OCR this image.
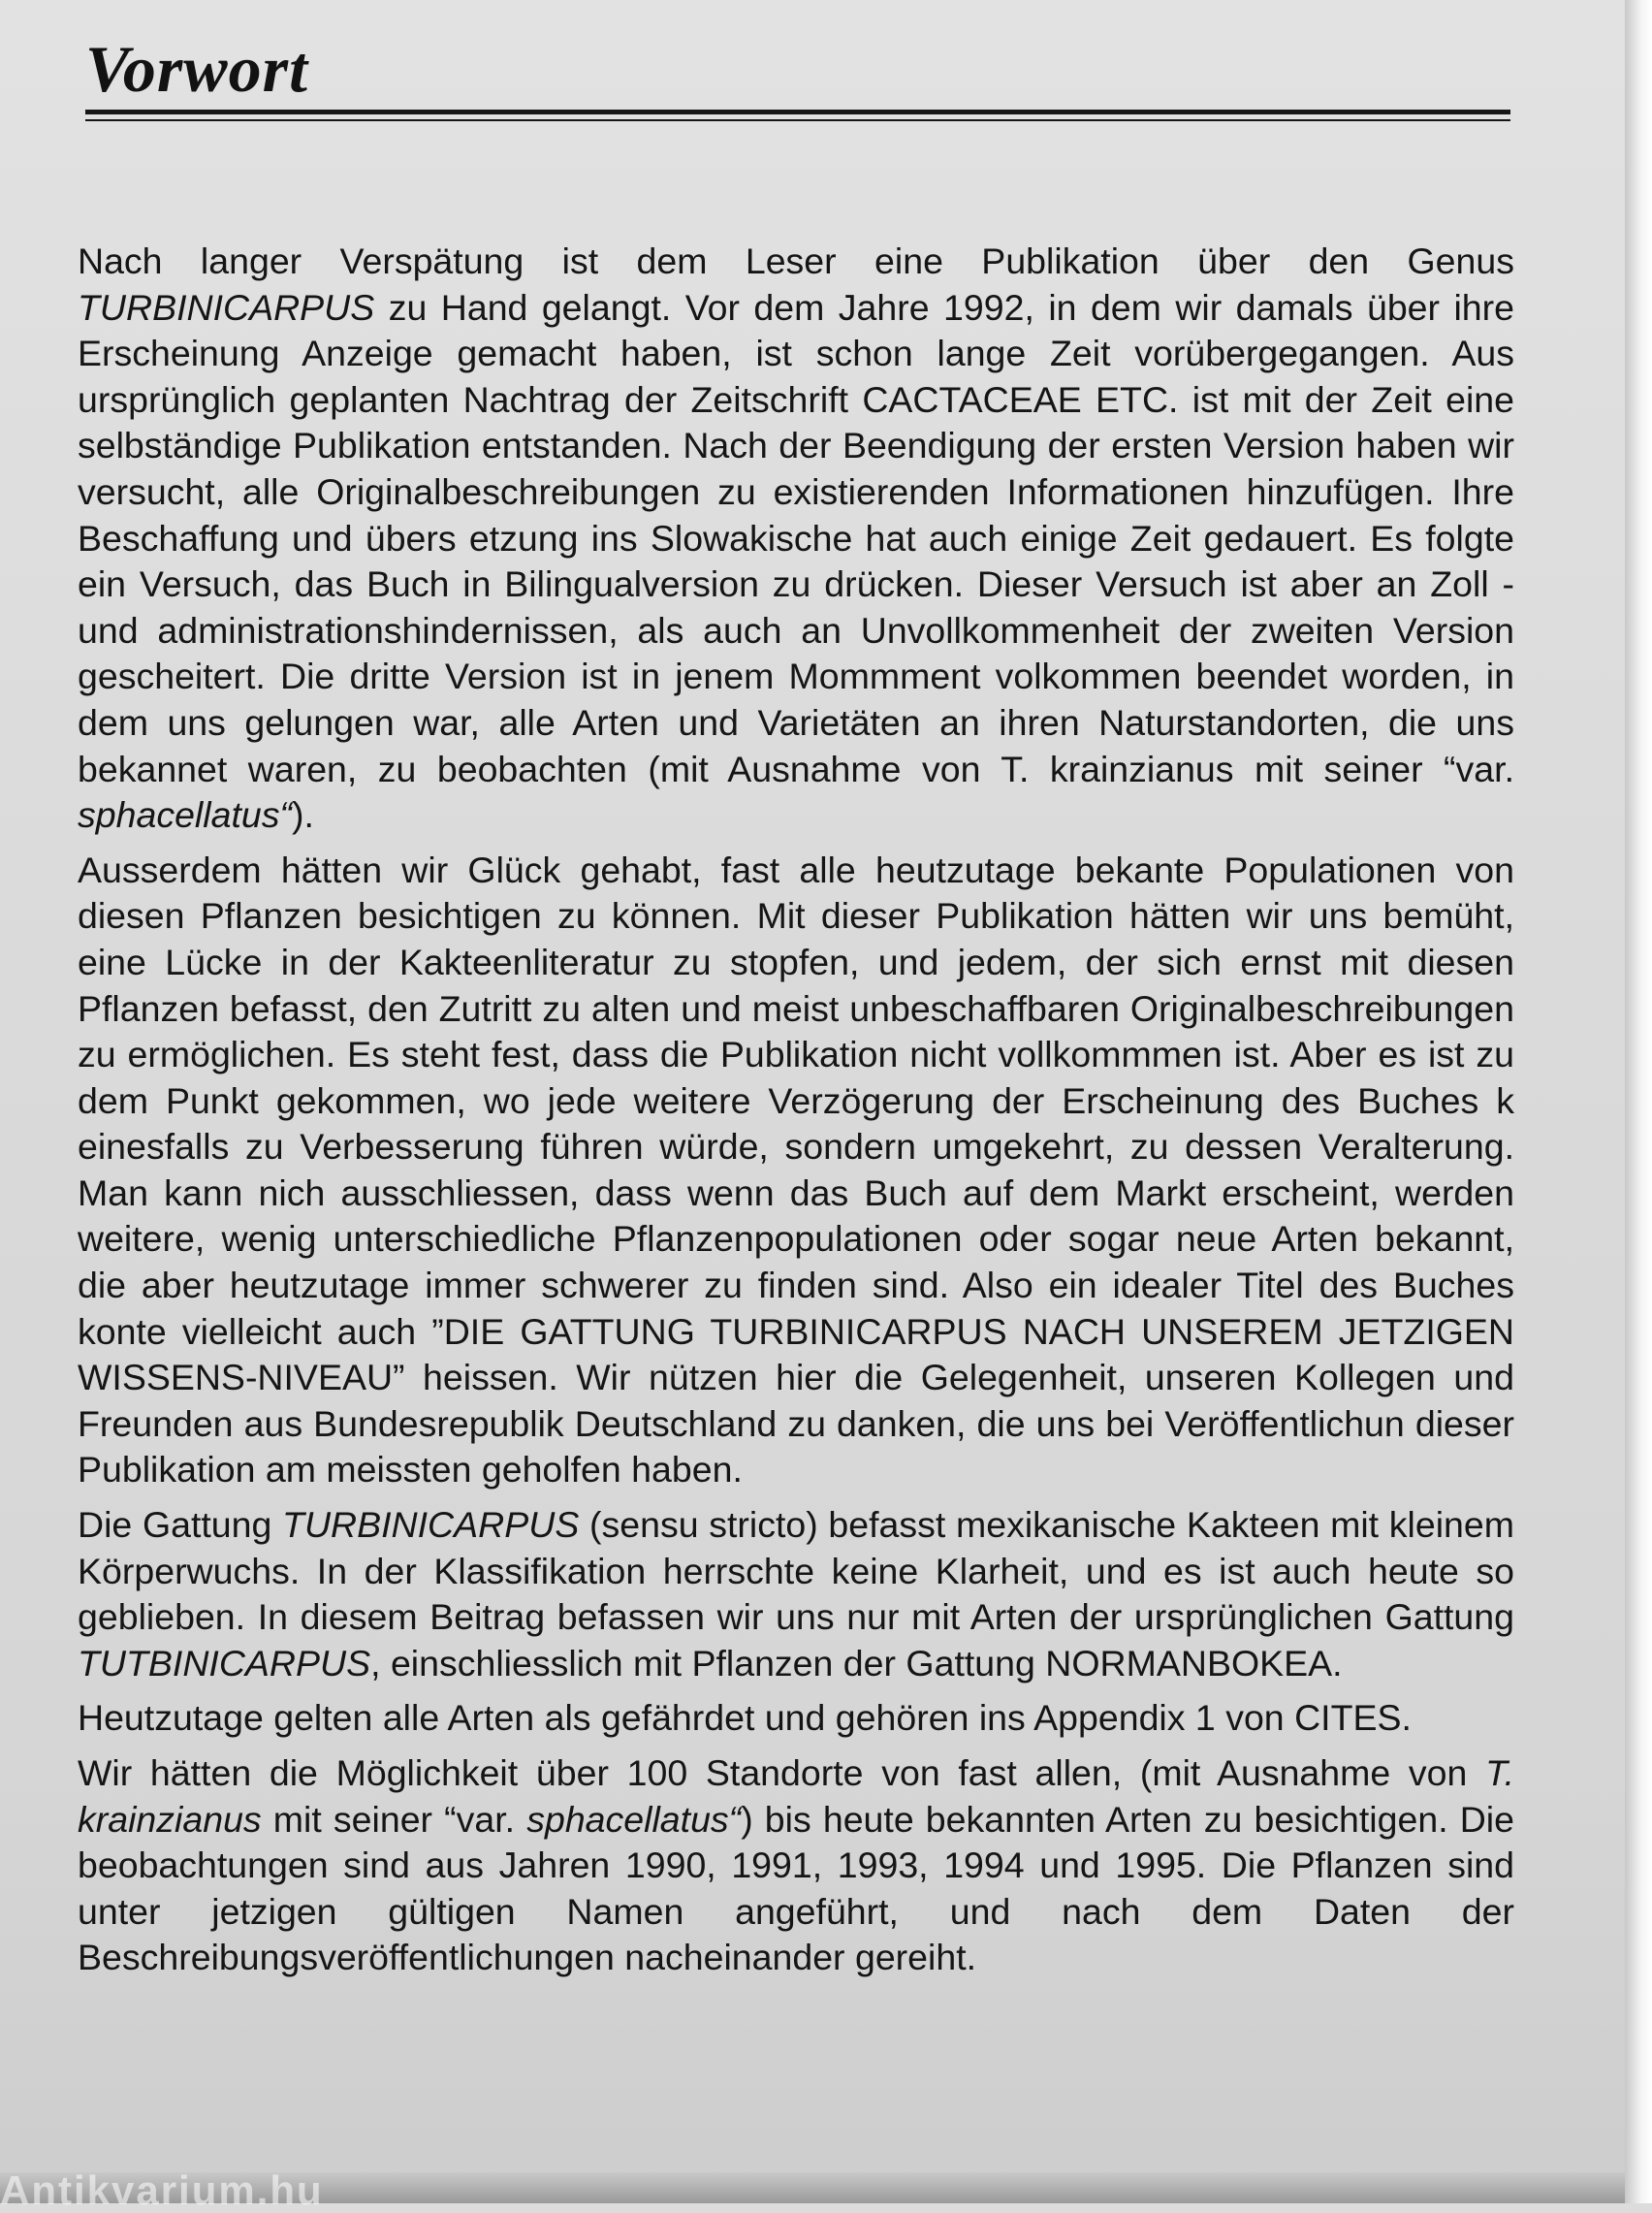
Vorwort

Nach langer Verspätung ist dem Leser eine Publikation über den Genus TURBINICARPUS zu Hand gelangt. Vor dem Jahre 1992, in dem wir damals über ihre Erscheinung Anzeige gemacht haben, ist schon lange Zeit vorübergegangen. Aus ursprünglich geplanten Nachtrag der Zeitschrift CACTACEAE ETC. ist mit der Zeit eine selbständige Publikation entstanden. Nach der Beendigung der ersten Version haben wir versucht, alle Originalbeschreibungen zu existierenden Informationen hinzufügen. Ihre Beschaffung und übers etzung ins Slowakische hat auch einige Zeit gedauert. Es folgte ein Versuch, das Buch in Bilingualversion zu drücken. Dieser Versuch ist aber an Zoll - und administrationshindernissen, als auch an Unvollkommenheit der zweiten Version gescheitert. Die dritte Version ist in jenem Mommment volkommen beendet worden, in dem uns gelungen war, alle Arten und Varietäten an ihren Naturstandorten, die uns bekannet waren, zu beobachten (mit Ausnahme von T. krainzianus mit seiner “var. sphacellatus“).

Ausserdem hätten wir Glück gehabt, fast alle heutzutage bekante Populationen von diesen Pflanzen besichtigen zu können. Mit dieser Publikation hätten wir uns bemüht, eine Lücke in der Kakteenliteratur zu stopfen, und jedem, der sich ernst mit diesen Pflanzen befasst, den Zutritt zu alten und meist unbeschaffbaren Originalbeschreibungen zu ermöglichen. Es steht fest, dass die Publikation nicht vollkommmen ist. Aber es ist zu dem Punkt gekommen, wo jede weitere Verzögerung der Erscheinung des Buches k einesfalls zu Verbesserung führen würde, sondern umgekehrt, zu dessen Veralterung. Man kann nich ausschliessen, dass wenn das Buch auf dem Markt erscheint, werden weitere, wenig unterschiedliche Pflanzenpopulationen oder sogar neue Arten bekannt, die aber heutzutage immer schwerer zu finden sind. Also ein idealer Titel des Buches konte vielleicht auch ”DIE GATTUNG TURBINICARPUS NACH UNSEREM JETZIGEN WISSENS-NIVEAU” heissen. Wir nützen hier die Gelegenheit, unseren Kollegen und Freunden aus Bundesrepublik Deutschland zu danken, die uns bei Veröffentlichun dieser Publikation am meissten geholfen haben.

Die Gattung TURBINICARPUS (sensu stricto) befasst mexikanische Kakteen mit kleinem Körperwuchs. In der Klassifikation herrschte keine Klarheit, und es ist auch heute so geblieben. In diesem Beitrag befassen wir uns nur mit Arten der ursprünglichen Gattung TUTBINICARPUS, einschliesslich mit Pflanzen der Gattung NORMANBOKEA.

Heutzutage gelten alle Arten als gefährdet und gehören ins Appendix 1 von CITES.

Wir hätten die Möglichkeit über 100 Standorte von fast allen, (mit Ausnahme von T. krainzianus mit seiner “var. sphacellatus“) bis heute bekannten Arten zu besichtigen. Die beobachtungen sind aus Jahren 1990, 1991, 1993, 1994 und 1995. Die Pflanzen sind unter jetzigen gültigen Namen angeführt, und nach dem Daten der Beschreibungsveröffentlichungen nacheinander gereiht.

Antikvarium.hu
